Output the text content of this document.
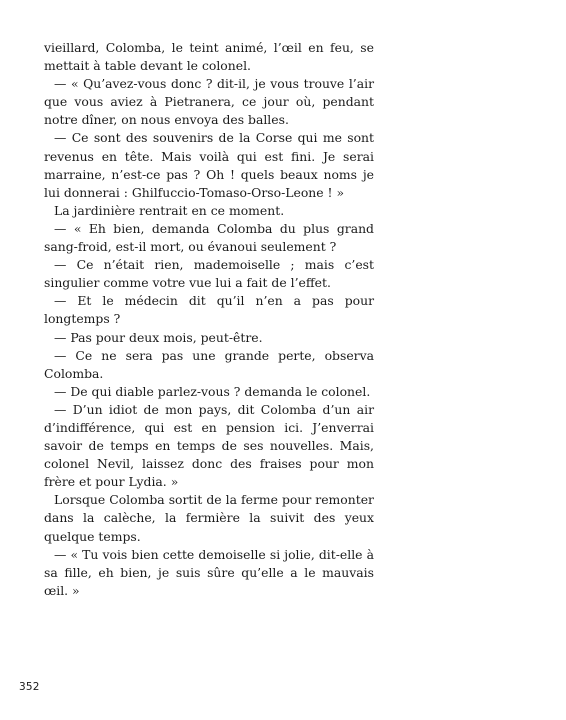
vieillard, Colomba, le teint animé, l’œil en feu, se mettait à table devant le colonel.

— « Qu’avez-vous donc ? dit-il, je vous trouve l’air que vous aviez à Pietranera, ce jour où, pendant notre dîner, on nous envoya des balles.

— Ce sont des souvenirs de la Corse qui me sont revenus en tête. Mais voilà qui est fini. Je serai marraine, n’est-ce pas ? Oh ! quels beaux noms je lui donnerai : Ghilfuccio-Tomaso-Orso-Leone ! »

La jardinière rentrait en ce moment.

— « Eh bien, demanda Colomba du plus grand sang-froid, est-il mort, ou évanoui seulement ?

— Ce n’était rien, mademoiselle ; mais c’est singulier comme votre vue lui a fait de l’effet.

— Et le médecin dit qu’il n’en a pas pour longtemps ?

— Pas pour deux mois, peut-être.

— Ce ne sera pas une grande perte, observa Colomba.

— De qui diable parlez-vous ? demanda le colonel.

— D’un idiot de mon pays, dit Colomba d’un air d’indifférence, qui est en pension ici. J’enverrai savoir de temps en temps de ses nouvelles. Mais, colonel Nevil, laissez donc des fraises pour mon frère et pour Lydia. »

Lorsque Colomba sortit de la ferme pour remonter dans la calèche, la fermière la suivit des yeux quelque temps.

— « Tu vois bien cette demoiselle si jolie, dit-elle à sa fille, eh bien, je suis sûre qu’elle a le mauvais œil. »

352
